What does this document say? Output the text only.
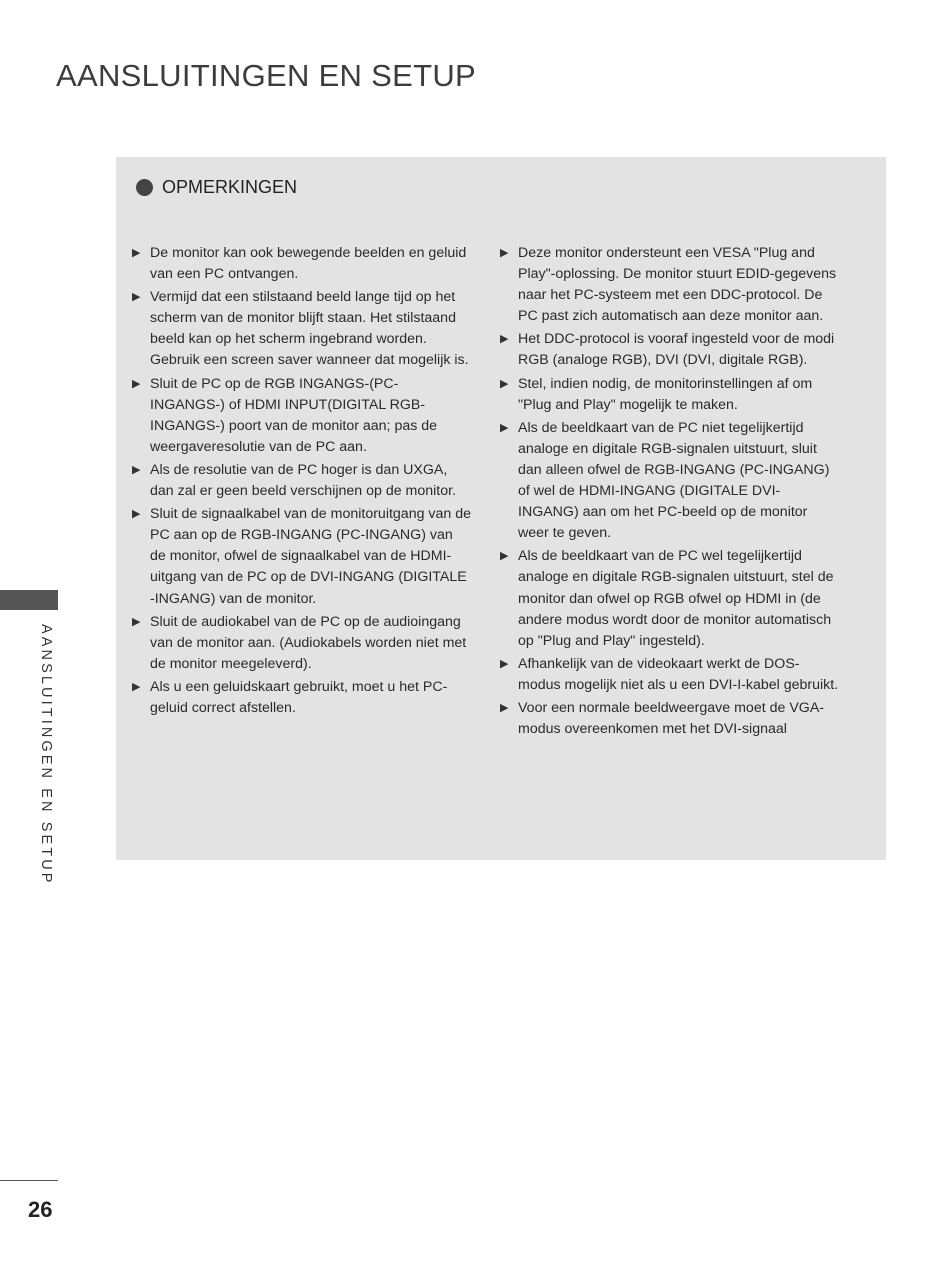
AANSLUITINGEN EN SETUP
OPMERKINGEN
▶ De monitor kan ook bewegende beelden en geluid van een PC ontvangen.
▶ Vermijd dat een stilstaand beeld lange tijd op het scherm van de monitor blijft staan. Het stilstaand beeld kan op het scherm ingebrand worden. Gebruik een screen saver wanneer dat mogelijk is.
▶ Sluit de PC op de RGB INGANGS-(PC-INGANGS-) of HDMI INPUT(DIGITAL RGB-INGANGS-) poort van de monitor aan; pas de weergaveresolutie van de PC aan.
▶ Als de resolutie van de PC hoger is dan UXGA, dan zal er geen beeld verschijnen op de monitor.
▶ Sluit de signaalkabel van de monitoruitgang van de PC aan op de RGB-INGANG (PC-INGANG) van de monitor, ofwel de signaalkabel van de HDMI-uitgang van de PC op de DVI-INGANG (DIGITALE -INGANG) van de monitor.
▶ Sluit de audiokabel van de PC op de audioingang van de monitor aan. (Audiokabels worden niet met de monitor meegeleverd).
▶ Als u een geluidskaart gebruikt, moet u het PC-geluid correct afstellen.
▶ Deze monitor ondersteunt een VESA "Plug and Play"-oplossing. De monitor stuurt EDID-gegevens naar het PC-systeem met een DDC-protocol. De PC past zich automatisch aan deze monitor aan.
▶ Het DDC-protocol is vooraf ingesteld voor de modi RGB (analoge RGB), DVI (DVI, digitale RGB).
▶ Stel, indien nodig, de monitorinstellingen af om "Plug and Play" mogelijk te maken.
▶ Als de beeldkaart van de PC niet tegelijkertijd analoge en digitale RGB-signalen uitstuurt, sluit dan alleen ofwel de RGB-INGANG (PC-INGANG) of wel de HDMI-INGANG (DIGITALE DVI-INGANG) aan om het PC-beeld op de monitor weer te geven.
▶ Als de beeldkaart van de PC wel tegelijkertijd analoge en digitale RGB-signalen uitstuurt, stel de monitor dan ofwel op RGB ofwel op HDMI in (de andere modus wordt door de monitor automatisch op "Plug and Play" ingesteld).
▶ Afhankelijk van de videokaart werkt de DOS-modus mogelijk niet als u een DVI-I-kabel gebruikt.
▶ Voor een normale beeldweergave moet de VGA-modus overeenkomen met het DVI-signaal
AANSLUITINGEN EN SETUP
26
